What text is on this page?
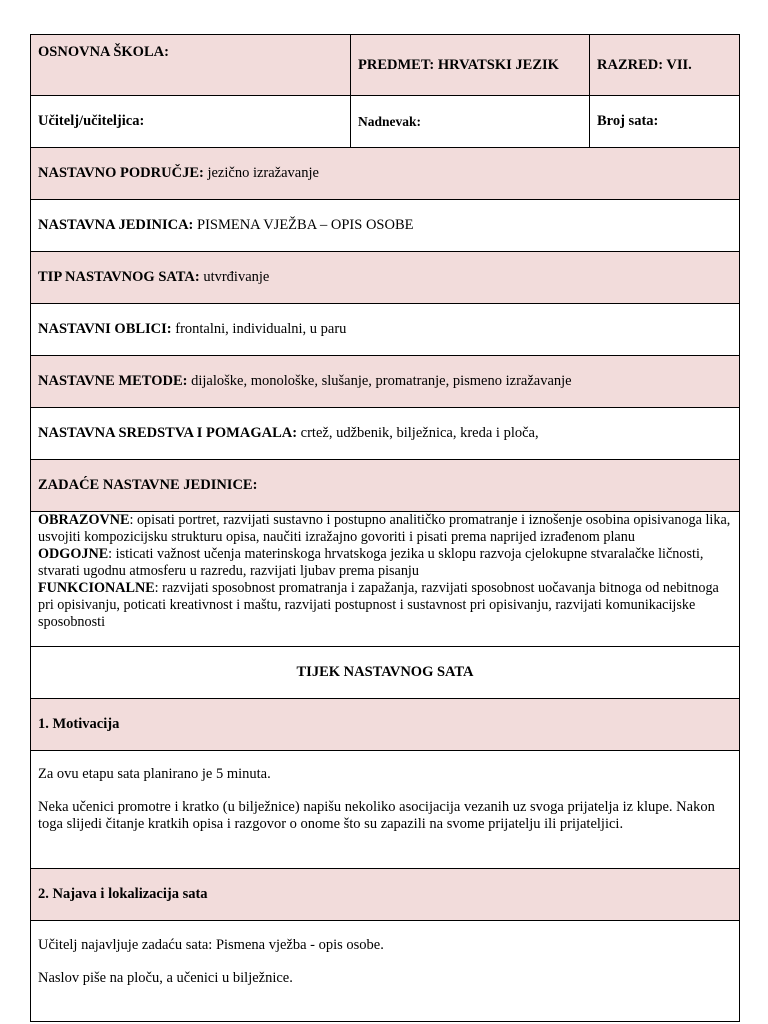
OSNOVNA ŠKOLA:	PREDMET: HRVATSKI JEZIK	RAZRED: VII.
Učitelj/učiteljica:	Nadnevak:	Broj sata:
NASTAVNO PODRUČJE: jezično izražavanje		
NASTAVNA JEDINICA: PISMENA VJEŽBA – OPIS OSOBE		
TIP NASTAVNOG SATA: utvrđivanje		
NASTAVNI OBLICI: frontalni, individualni, u paru		
NASTAVNE METODE: dijaloške, monološke, slušanje, promatranje, pismeno izražavanje		
NASTAVNA SREDSTVA I POMAGALA: crtež, udžbenik, bilježnica, kreda i ploča,		
ZADAĆE NASTAVNE JEDINICE:		

OBRAZOVNE: opisati portret, razvijati sustavno i postupno analitičko promatranje i iznošenje osobina opisivanoga lika, usvojiti kompozicijsku strukturu opisa, naučiti izražajno govoriti i pisati prema naprijed izrađenom planu

ODGOJNE: isticati važnost učenja materinskoga hrvatskoga jezika u sklopu razvoja cjelokupne stvaralačke ličnosti, stvarati ugodnu atmosferu u razredu, razvijati ljubav prema pisanju

FUNKCIONALNE: razvijati sposobnost promatranja i zapažanja, razvijati sposobnost uočavanja bitnoga od nebitnoga pri opisivanju, poticati kreativnost i maštu, razvijati postupnost i sustavnost pri opisivanju, razvijati komunikacijske sposobnosti		

TIJEK NASTAVNOG SATA		
1. Motivacija		

Za ovu etapu sata planirano je 5 minuta.

Neka učenici promotre i kratko (u bilježnice) napišu nekoliko asocijacija vezanih uz svoga prijatelja iz klupe. Nakon toga slijedi čitanje kratkih opisa i razgovor o onome što su zapazili na svome prijatelju ili prijateljici.		

2. Najava i lokalizacija sata		

Učitelj najavljuje zadaću sata: Pismena vježba - opis osobe.

Naslov piše na ploču, a učenici u bilježnice.		
